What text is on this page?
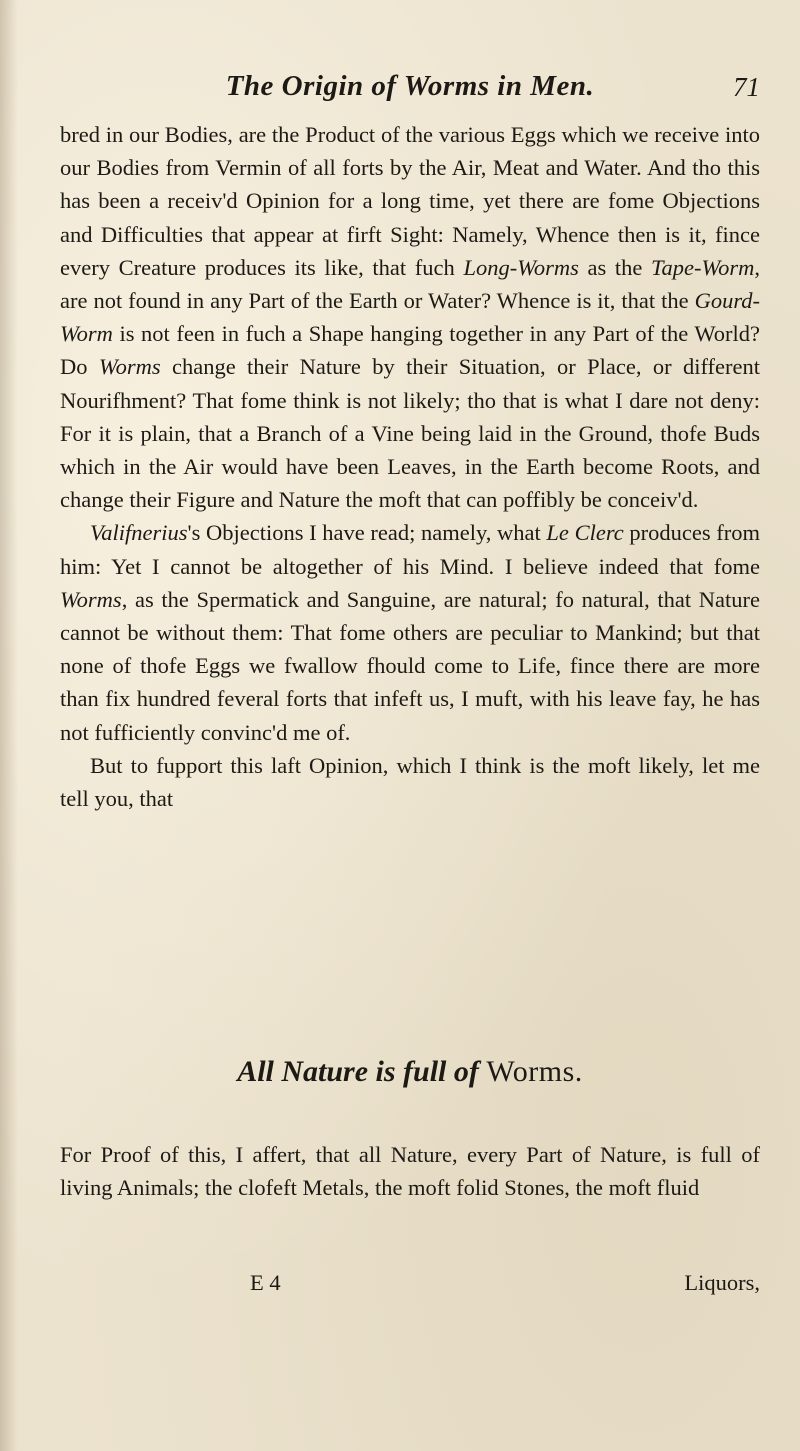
The Origin of Worms in Men.	71

bred in our Bodies, are the Product of the various Eggs which we receive into our Bodies from Vermin of all forts by the Air, Meat and Water. And tho this has been a receiv'd Opinion for a long time, yet there are fome Objections and Difficulties that appear at firft Sight: Namely, Whence then is it, fince every Creature produces its like, that fuch Long-Worms as the Tape-Worm, are not found in any Part of the Earth or Water? Whence is it, that the Gourd-Worm is not feen in fuch a Shape hanging together in any Part of the World? Do Worms change their Nature by their Situation, or Place, or different Nourifhment? That fome think is not likely; tho that is what I dare not deny: For it is plain, that a Branch of a Vine being laid in the Ground, thofe Buds which in the Air would have been Leaves, in the Earth become Roots, and change their Figure and Nature the moft that can poffibly be conceiv'd.

Valifnerius's Objections I have read; namely, what Le Clerc produces from him: Yet I cannot be altogether of his Mind. I believe indeed that fome Worms, as the Spermatick and Sanguine, are natural; fo natural, that Nature cannot be without them: That fome others are peculiar to Mankind; but that none of thofe Eggs we fwallow fhould come to Life, fince there are more than fix hundred feveral forts that infeft us, I muft, with his leave fay, he has not fufficiently convinc'd me of.

But to fupport this laft Opinion, which I think is the moft likely, let me tell you, that

All Nature is full of Worms.

For Proof of this, I affert, that all Nature, every Part of Nature, is full of living Animals; the clofeft Metals, the moft folid Stones, the moft fluid

E 4	Liquors,
